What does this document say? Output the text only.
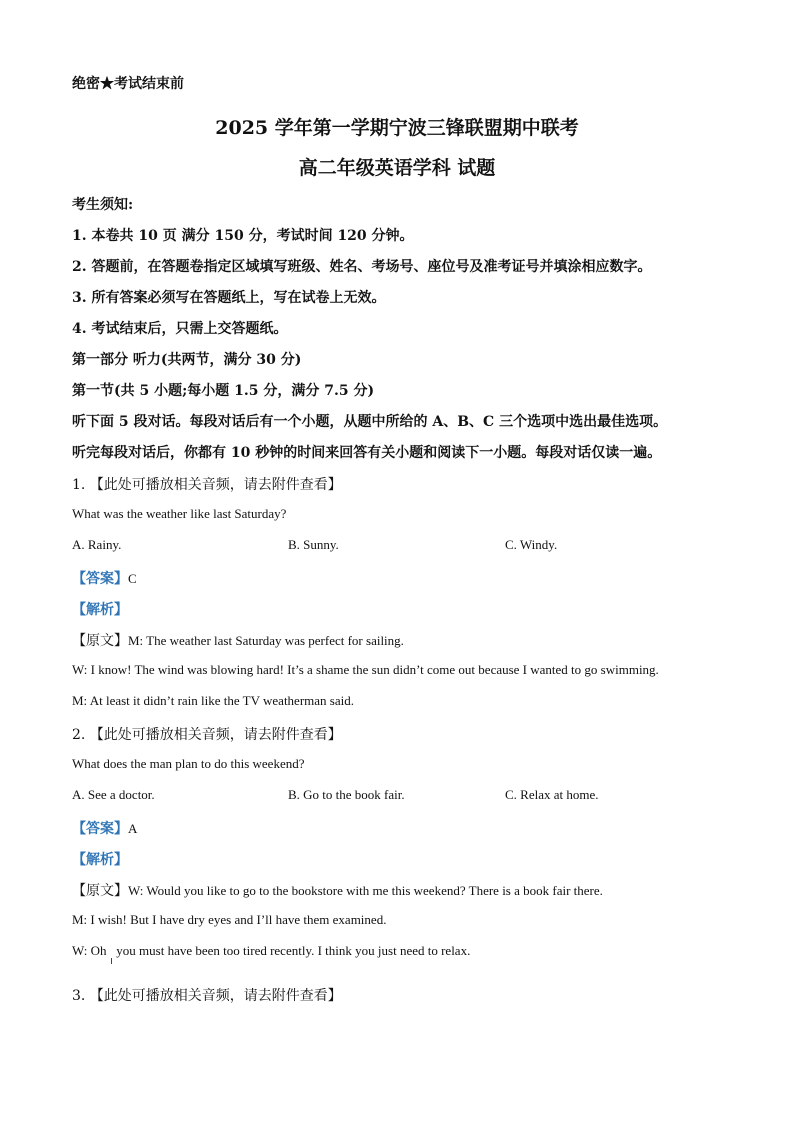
绝密★考试结束前
2025 学年第一学期宁波三锋联盟期中联考
高二年级英语学科 试题
考生须知:
1. 本卷共 10 页 满分 150 分，考试时间 120 分钟。
2. 答题前，在答题卷指定区域填写班级、姓名、考场号、座位号及准考证号并填涂相应数字。
3. 所有答案必须写在答题纸上，写在试卷上无效。
4. 考试结束后，只需上交答题纸。
第一部分 听力(共两节，满分 30 分)
第一节(共 5 小题;每小题 1.5 分，满分 7.5 分)
听下面 5 段对话。每段对话后有一个小题，从题中所给的 A、B、C 三个选项中选出最佳选项。
听完每段对话后，你都有 10 秒钟的时间来回答有关小题和阅读下一小题。每段对话仅读一遍。
1. 【此处可播放相关音频，请去附件查看】
What was the weather like last Saturday?
A. Rainy.	B. Sunny.	C. Windy.
【答案】C
【解析】
【原文】M: The weather last Saturday was perfect for sailing.
W: I know! The wind was blowing hard! It’s a shame the sun didn’t come out because I wanted to go swimming.
M: At least it didn’t rain like the TV weatherman said.
2. 【此处可播放相关音频，请去附件查看】
What does the man plan to do this weekend?
A. See a doctor.	B. Go to the book fair.	C. Relax at home.
【答案】A
【解析】
【原文】W: Would you like to go to the bookstore with me this weekend? There is a book fair there.
M: I wish! But I have dry eyes and I’ll have them examined.
W: Oh   you must have been too tired recently. I think you just need to relax.
3. 【此处可播放相关音频，请去附件查看】
